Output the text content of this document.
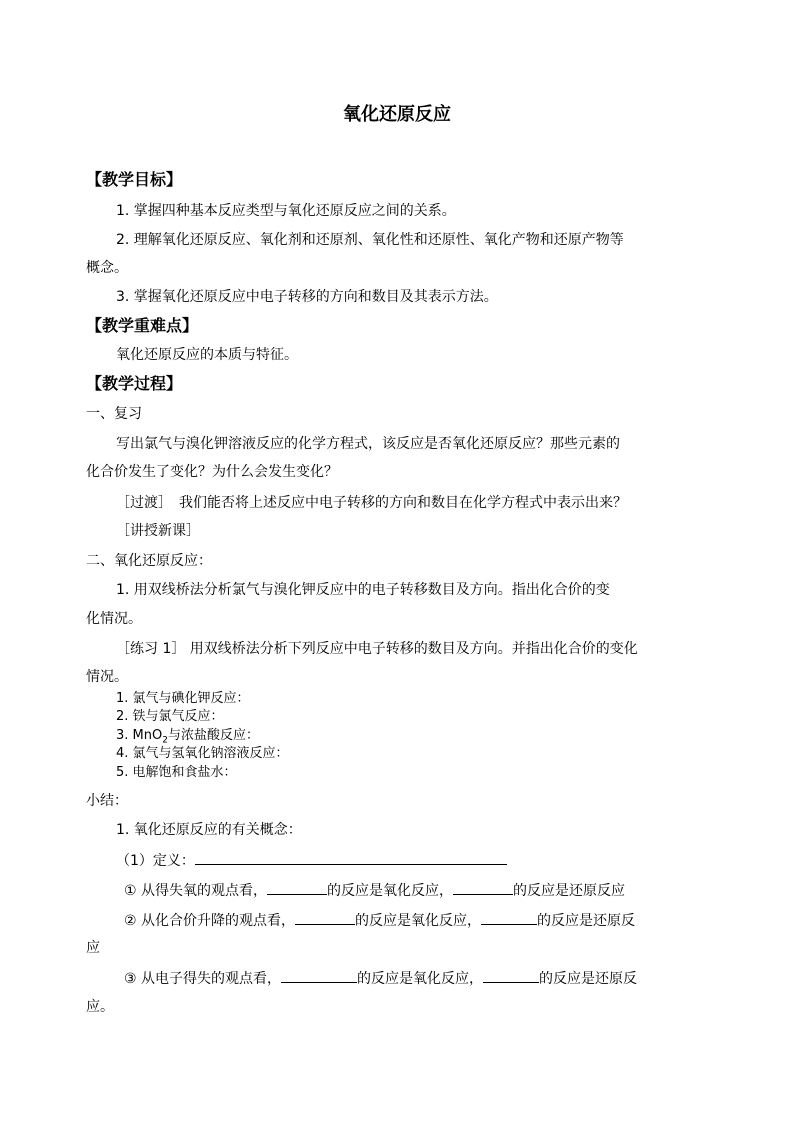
氧化还原反应
【教学目标】
1. 掌握四种基本反应类型与氧化还原反应之间的关系。
2. 理解氧化还原反应、氧化剂和还原剂、氧化性和还原性、氧化产物和还原产物等
概念。
3. 掌握氧化还原反应中电子转移的方向和数目及其表示方法。
【教学重难点】
氧化还原反应的本质与特征。
【教学过程】
一、复习
写出氯气与溴化钾溶液反应的化学方程式，该反应是否氧化还原反应？那些元素的
化合价发生了变化？为什么会发生变化？
［过渡］　我们能否将上述反应中电子转移的方向和数目在化学方程式中表示出来？
［讲授新课］
二、氧化还原反应：
1. 用双线桥法分析氯气与溴化钾反应中的电子转移数目及方向。指出化合价的变
化情况。
［练习 1］ 用双线桥法分析下列反应中电子转移的数目及方向。并指出化合价的变化
情况。
1. 氯气与碘化钾反应：
2. 铁与氯气反应：
3. MnO$_2$与浓盐酸反应：
4. 氯气与氢氧化钠溶液反应：
5. 电解饱和食盐水：
小结：
1. 氧化还原反应的有关概念：
（1）定义：
① 从得失氧的观点看，	的反应是氧化反应，	的反应是还原反应
② 从化合价升降的观点看，	的反应是氧化反应，	的反应是还原反
应
③ 从电子得失的观点看，	的反应是氧化反应，	的反应是还原反
应。
